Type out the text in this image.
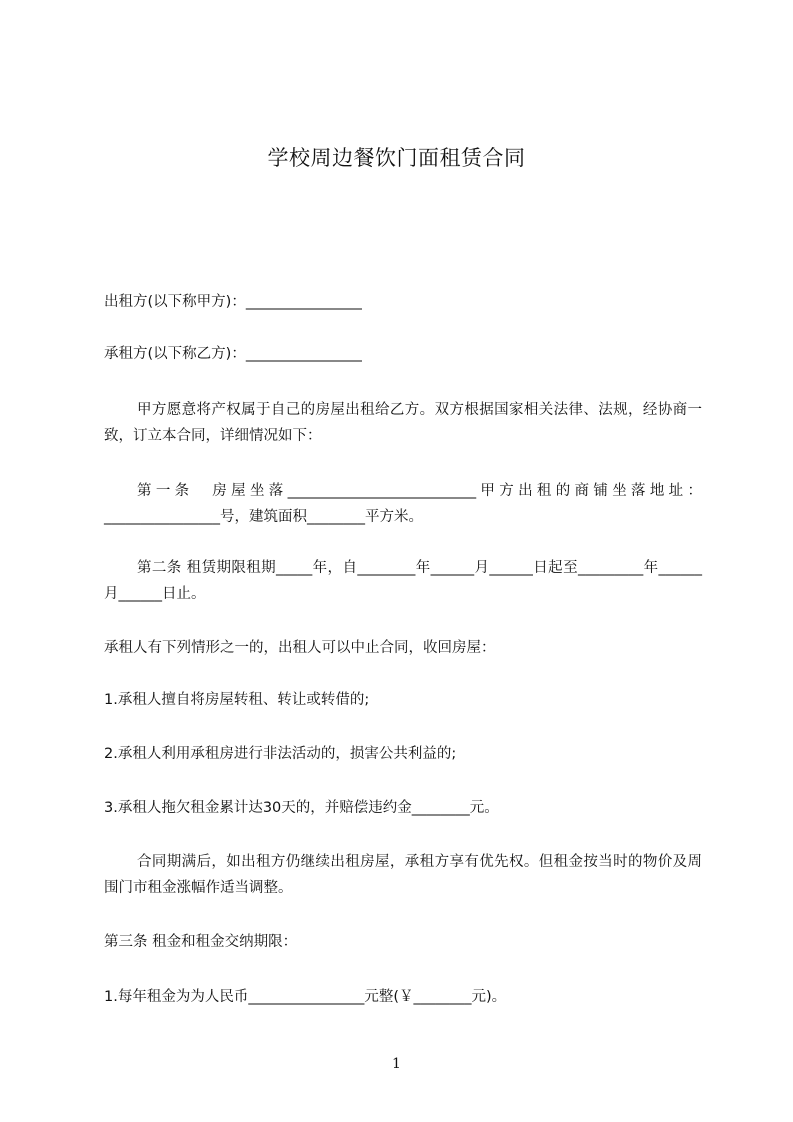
学校周边餐饮门面租赁合同
出租方(以下称甲方)：________________
承租方(以下称乙方)：________________
甲方愿意将产权属于自己的房屋出租给乙方。双方根据国家相关法律、法规，经协商一致，订立本合同，详细情况如下：
第一条　房屋坐落__________________________甲方出租的商铺坐落地址：________________号，建筑面积________平方米。
第二条 租赁期限租期_____年，自________年______月______日起至_________年______月______日止。
承租人有下列情形之一的，出租人可以中止合同，收回房屋：
1.承租人擅自将房屋转租、转让或转借的;
2.承租人利用承租房进行非法活动的，损害公共利益的;
3.承租人拖欠租金累计达30天的，并赔偿违约金________元。
合同期满后，如出租方仍继续出租房屋，承租方享有优先权。但租金按当时的物价及周围门市租金涨幅作适当调整。
第三条 租金和租金交纳期限：
1.每年租金为为人民币________________元整(￥________元)。
1
